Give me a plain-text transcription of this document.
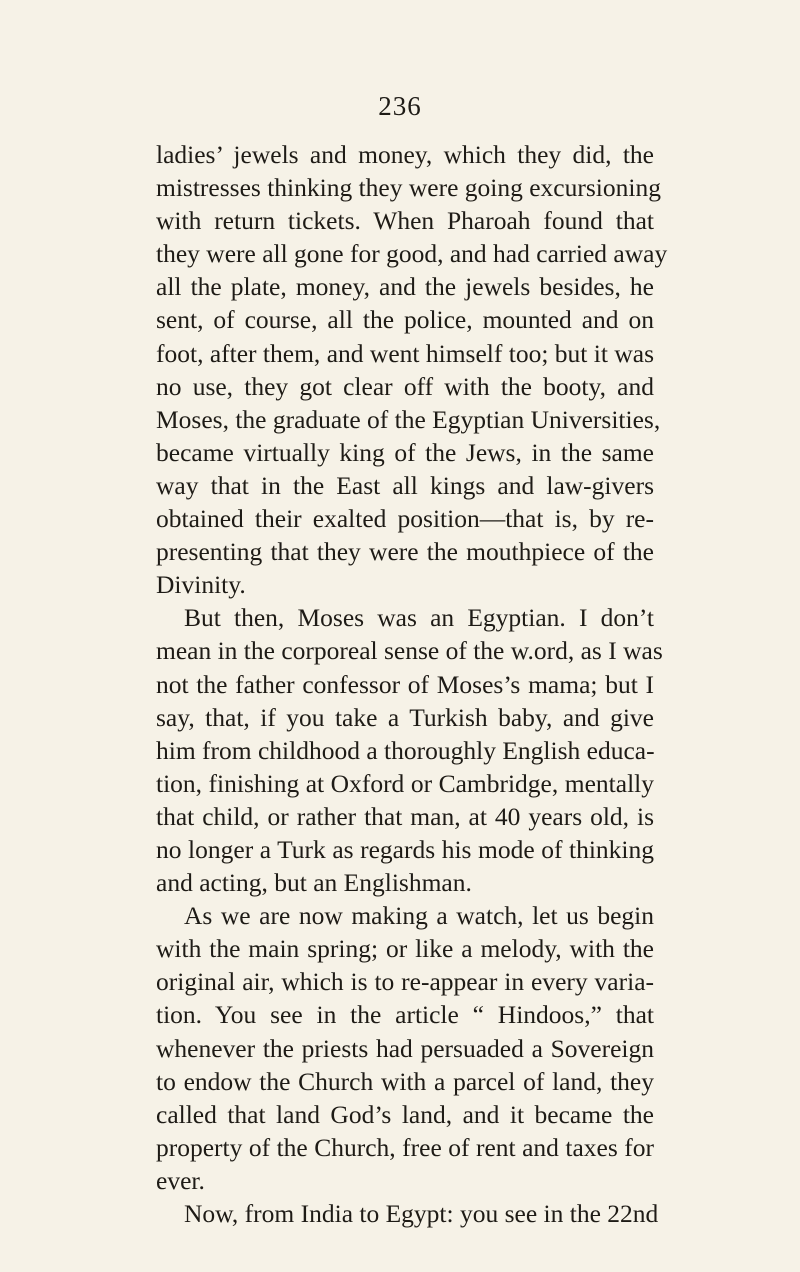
236
ladies’ jewels and money, which they did, the
mistresses thinking they were going excursioning
with return tickets. When Pharoah found that
they were all gone for good, and had carried away
all the plate, money, and the jewels besides, he
sent, of course, all the police, mounted and on
foot, after them, and went himself too; but it was
no use, they got clear off with the booty, and
Moses, the graduate of the Egyptian Universities,
became virtually king of the Jews, in the same
way that in the East all kings and law-givers
obtained their exalted position—that is, by re-
presenting that they were the mouthpiece of the
Divinity.
But then, Moses was an Egyptian. I don’t
mean in the corporeal sense of the w.ord, as I was
not the father confessor of Moses’s mama; but I
say, that, if you take a Turkish baby, and give
him from childhood a thoroughly English educa-
tion, finishing at Oxford or Cambridge, mentally
that child, or rather that man, at 40 years old, is
no longer a Turk as regards his mode of thinking
and acting, but an Englishman.
As we are now making a watch, let us begin
with the main spring; or like a melody, with the
original air, which is to re-appear in every varia-
tion. You see in the article “ Hindoos,” that
whenever the priests had persuaded a Sovereign
to endow the Church with a parcel of land, they
called that land God’s land, and it became the
property of the Church, free of rent and taxes for
ever.
Now, from India to Egypt: you see in the 22nd
